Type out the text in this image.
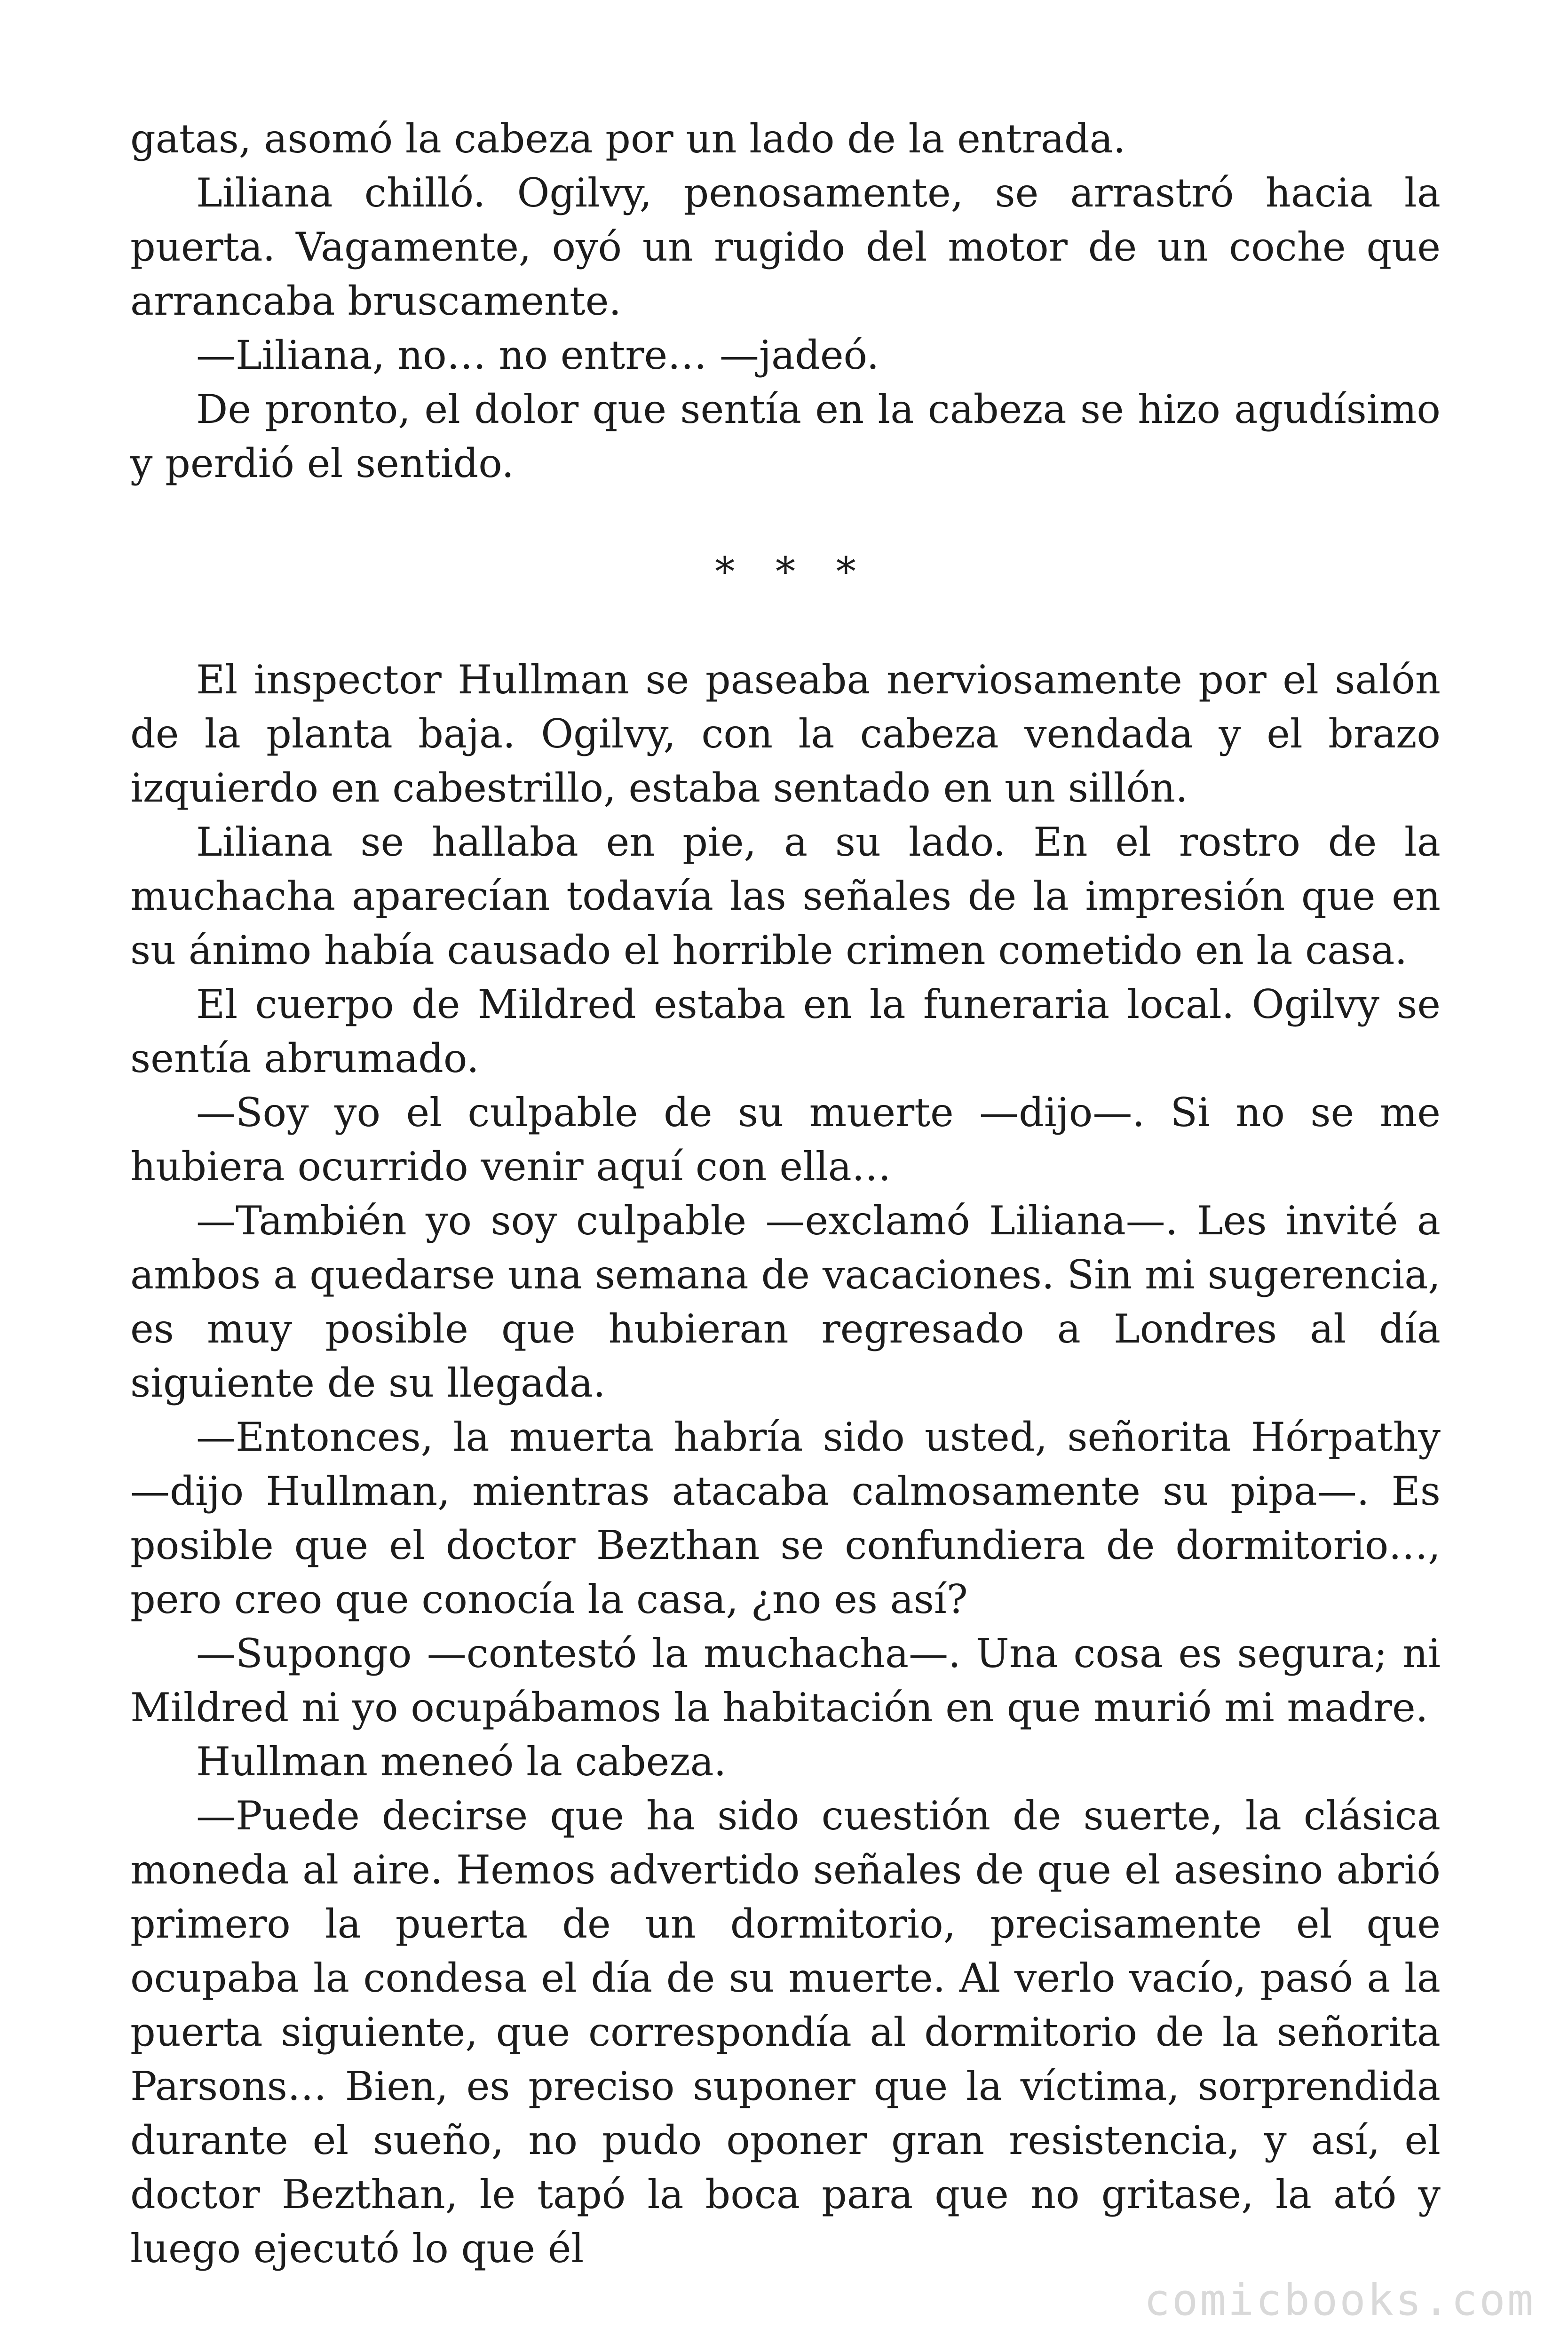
gatas, asomó la cabeza por un lado de la entrada.

Liliana chilló. Ogilvy, penosamente, se arrastró hacia la puerta. Vagamente, oyó un rugido del motor de un coche que arrancaba bruscamente.

—Liliana, no… no entre… —jadeó.

De pronto, el dolor que sentía en la cabeza se hizo agudísimo y perdió el sentido.

* * *

El inspector Hullman se paseaba nerviosamente por el salón de la planta baja. Ogilvy, con la cabeza vendada y el brazo izquierdo en cabestrillo, estaba sentado en un sillón.

Liliana se hallaba en pie, a su lado. En el rostro de la muchacha aparecían todavía las señales de la impresión que en su ánimo había causado el horrible crimen cometido en la casa.

El cuerpo de Mildred estaba en la funeraria local. Ogilvy se sentía abrumado.

—Soy yo el culpable de su muerte —dijo—. Si no se me hubiera ocurrido venir aquí con ella…

—También yo soy culpable —exclamó Liliana—. Les invité a ambos a quedarse una semana de vacaciones. Sin mi sugerencia, es muy posible que hubieran regresado a Londres al día siguiente de su llegada.

—Entonces, la muerta habría sido usted, señorita Hórpathy —dijo Hullman, mientras atacaba calmosamente su pipa—. Es posible que el doctor Bezthan se confundiera de dormitorio…, pero creo que conocía la casa, ¿no es así?

—Supongo —contestó la muchacha—. Una cosa es segura; ni Mildred ni yo ocupábamos la habitación en que murió mi madre.

Hullman meneó la cabeza.

—Puede decirse que ha sido cuestión de suerte, la clásica moneda al aire. Hemos advertido señales de que el asesino abrió primero la puerta de un dormitorio, precisamente el que ocupaba la condesa el día de su muerte. Al verlo vacío, pasó a la puerta siguiente, que correspondía al dormitorio de la señorita Parsons… Bien, es preciso suponer que la víctima, sorprendida durante el sueño, no pudo oponer gran resistencia, y así, el doctor Bezthan, le tapó la boca para que no gritase, la ató y luego ejecutó lo que él

comicbooks.com
